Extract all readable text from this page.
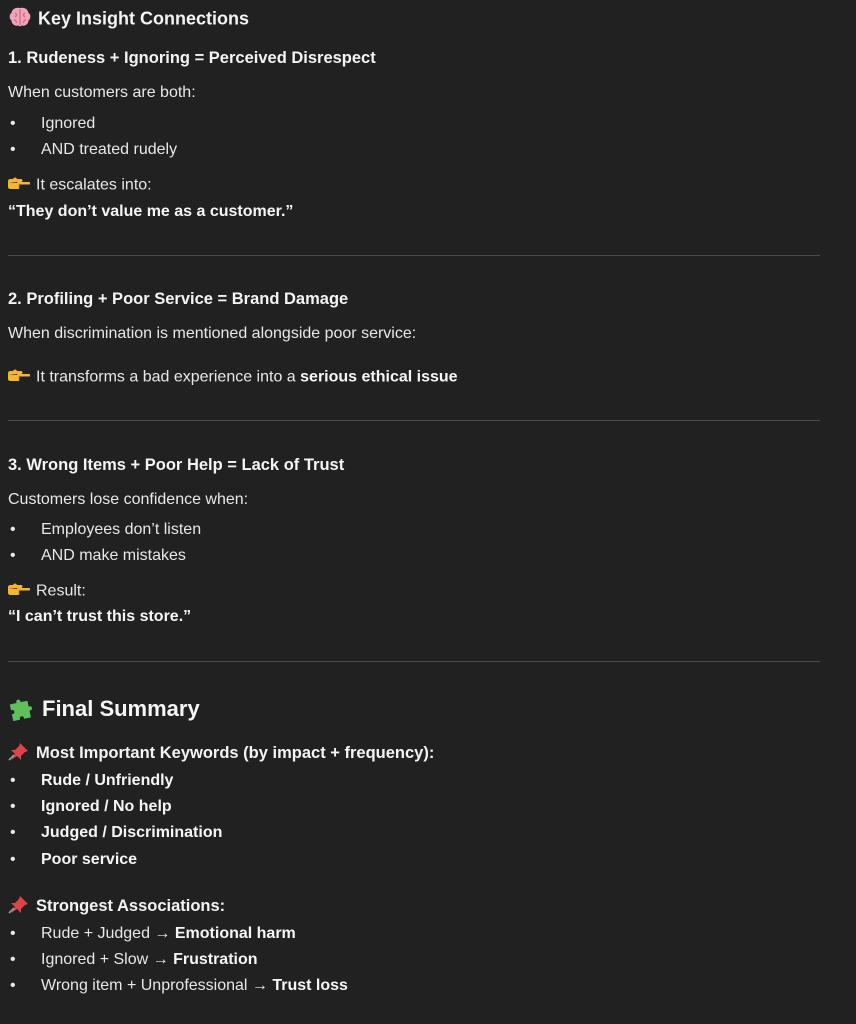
Key Insight Connections
1. Rudeness + Ignoring = Perceived Disrespect
When customers are both:
• Ignored
• AND treated rudely
It escalates into:
“They don’t value me as a customer.”
2. Profiling + Poor Service = Brand Damage
When discrimination is mentioned alongside poor service:
It transforms a bad experience into a serious ethical issue
3. Wrong Items + Poor Help = Lack of Trust
Customers lose confidence when:
• Employees don’t listen
• AND make mistakes
Result:
“I can’t trust this store.”
Final Summary
Most Important Keywords (by impact + frequency):
• Rude / Unfriendly
• Ignored / No help
• Judged / Discrimination
• Poor service
Strongest Associations:
• Rude + Judged → Emotional harm
• Ignored + Slow → Frustration
• Wrong item + Unprofessional → Trust loss
